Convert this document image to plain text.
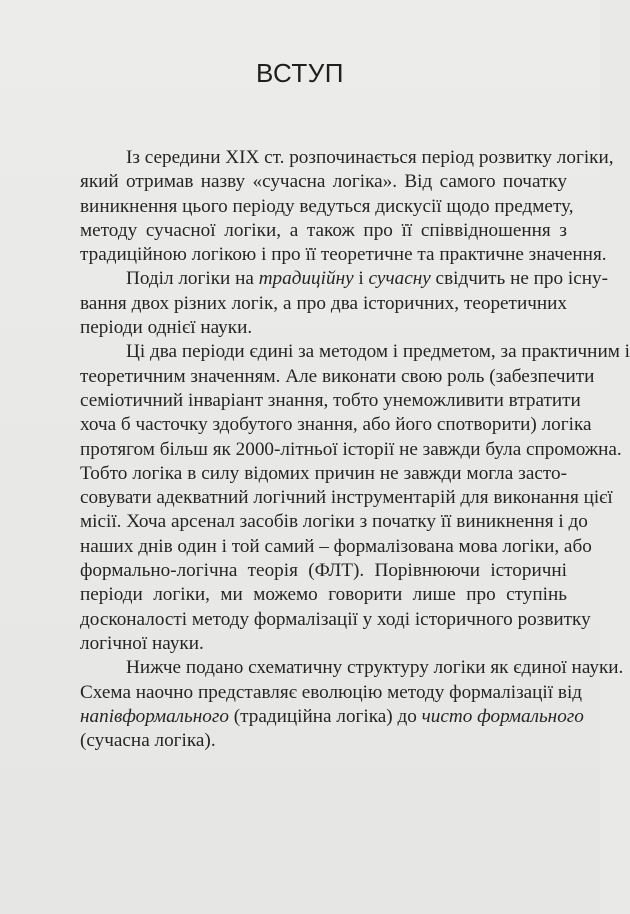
ВСТУП
Із середини XIX ст. розпочинається період розвитку логіки,
який отримав назву «сучасна логіка». Від самого початку
виникнення цього періоду ведуться дискусії щодо предмету,
методу сучасної логіки, а також про її співвідношення з
традиційною логікою і про її теоретичне та практичне значення.
Поділ логіки на традиційну і сучасну свідчить не про існу-
вання двох різних логік, а про два історичних, теоретичних
періоди однієї науки.
Ці два періоди єдині за методом і предметом, за практичним і
теоретичним значенням. Але виконати свою роль (забезпечити
семіотичний інваріант знання, тобто унеможливити втратити
хоча б часточку здобутого знання, або його спотворити) логіка
протягом більш як 2000-літньої історії не завжди була спроможна.
Тобто логіка в силу відомих причин не завжди могла засто-
совувати адекватний логічний інструментарій для виконання цієї
місії. Хоча арсенал засобів логіки з початку її виникнення і до
наших днів один і той самий – формалізована мова логіки, або
формально-логічна теорія (ФЛТ). Порівнюючи історичні
періоди логіки, ми можемо говорити лише про ступінь
досконалості методу формалізації у ході історичного розвитку
логічної науки.
Нижче подано схематичну структуру логіки як єдиної науки.
Схема наочно представляє еволюцію методу формалізації від
напівформального (традиційна логіка) до чисто формального
(сучасна логіка).
